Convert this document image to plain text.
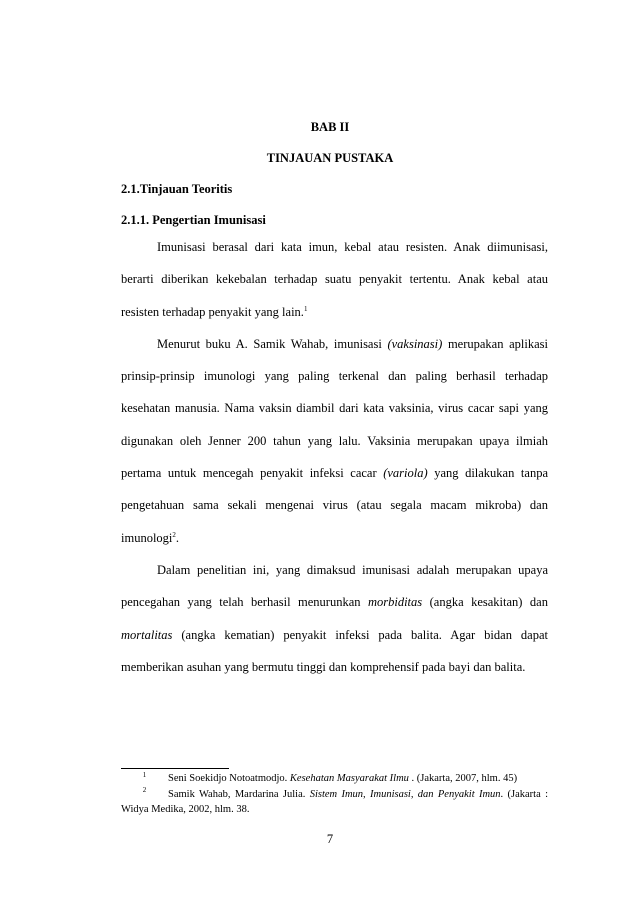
BAB II
TINJAUAN PUSTAKA
2.1.Tinjauan Teoritis
2.1.1. Pengertian Imunisasi

Imunisasi berasal dari kata imun, kebal atau resisten. Anak diimunisasi, berarti diberikan kekebalan terhadap suatu penyakit tertentu. Anak kebal atau resisten terhadap penyakit yang lain.$^1$

Menurut buku A. Samik Wahab, imunisasi (vaksinasi) merupakan aplikasi prinsip-prinsip imunologi yang paling terkenal dan paling berhasil terhadap kesehatan manusia. Nama vaksin diambil dari kata vaksinia, virus cacar sapi yang digunakan oleh Jenner 200 tahun yang lalu. Vaksinia merupakan upaya ilmiah pertama untuk mencegah penyakit infeksi cacar (variola) yang dilakukan tanpa pengetahuan sama sekali mengenai virus (atau segala macam mikroba) dan imunologi$^2$.

Dalam penelitian ini, yang dimaksud imunisasi adalah merupakan upaya pencegahan yang telah berhasil menurunkan morbiditas (angka kesakitan) dan mortalitas (angka kematian) penyakit infeksi pada balita. Agar bidan dapat memberikan asuhan yang bermutu tinggi dan komprehensif pada bayi dan balita.

1 Seni Soekidjo Notoatmodjo. Kesehatan Masyarakat Ilmu . (Jakarta, 2007, hlm. 45)

2 Samik Wahab, Mardarina Julia. Sistem Imun, Imunisasi, dan Penyakit Imun. (Jakarta : Widya Medika, 2002, hlm. 38.

7
